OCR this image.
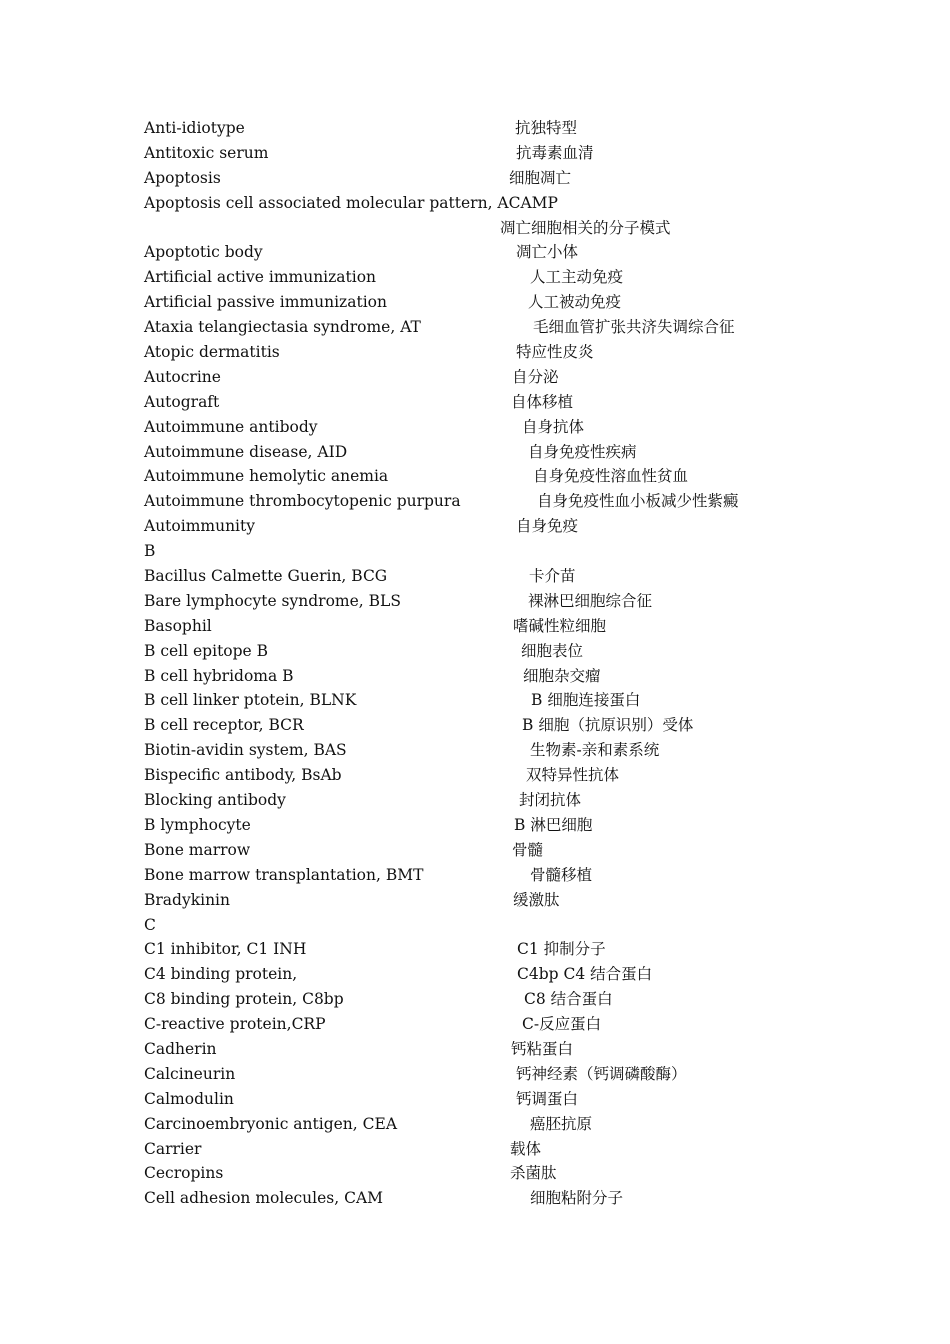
Anti-idiotype	抗独特型
Antitoxic serum	抗毒素血清
Apoptosis	细胞凋亡
Apoptosis cell associated molecular pattern, ACAMP
凋亡细胞相关的分子模式
Apoptotic body	凋亡小体
Artificial active immunization	人工主动免疫
Artificial passive immunization	人工被动免疫
Ataxia telangiectasia syndrome, AT	毛细血管扩张共济失调综合征
Atopic dermatitis	特应性皮炎
Autocrine	自分泌
Autograft	自体移植
Autoimmune antibody	自身抗体
Autoimmune disease, AID	自身免疫性疾病
Autoimmune hemolytic anemia	自身免疫性溶血性贫血
Autoimmune thrombocytopenic purpura	自身免疫性血小板减少性紫癜
Autoimmunity	自身免疫
B
Bacillus Calmette Guerin, BCG	卡介苗
Bare lymphocyte syndrome, BLS	裸淋巴细胞综合征
Basophil	嗜碱性粒细胞
B cell epitope B	细胞表位
B cell hybridoma B	细胞杂交瘤
B cell linker ptotein, BLNK	B 细胞连接蛋白
B cell receptor, BCR	B 细胞（抗原识别）受体
Biotin-avidin system, BAS	生物素-亲和素系统
Bispecific antibody, BsAb	双特异性抗体
Blocking antibody	封闭抗体
B lymphocyte	B 淋巴细胞
Bone marrow	骨髓
Bone marrow transplantation, BMT	骨髓移植
Bradykinin	缓激肽
C
C1 inhibitor, C1 INH	C1 抑制分子
C4 binding protein,	C4bp C4 结合蛋白
C8 binding protein, C8bp	C8 结合蛋白
C-reactive protein,CRP	C-反应蛋白
Cadherin	钙粘蛋白
Calcineurin	钙神经素（钙调磷酸酶）
Calmodulin	钙调蛋白
Carcinoembryonic antigen, CEA	癌胚抗原
Carrier	载体
Cecropins	杀菌肽
Cell adhesion molecules, CAM	细胞粘附分子
